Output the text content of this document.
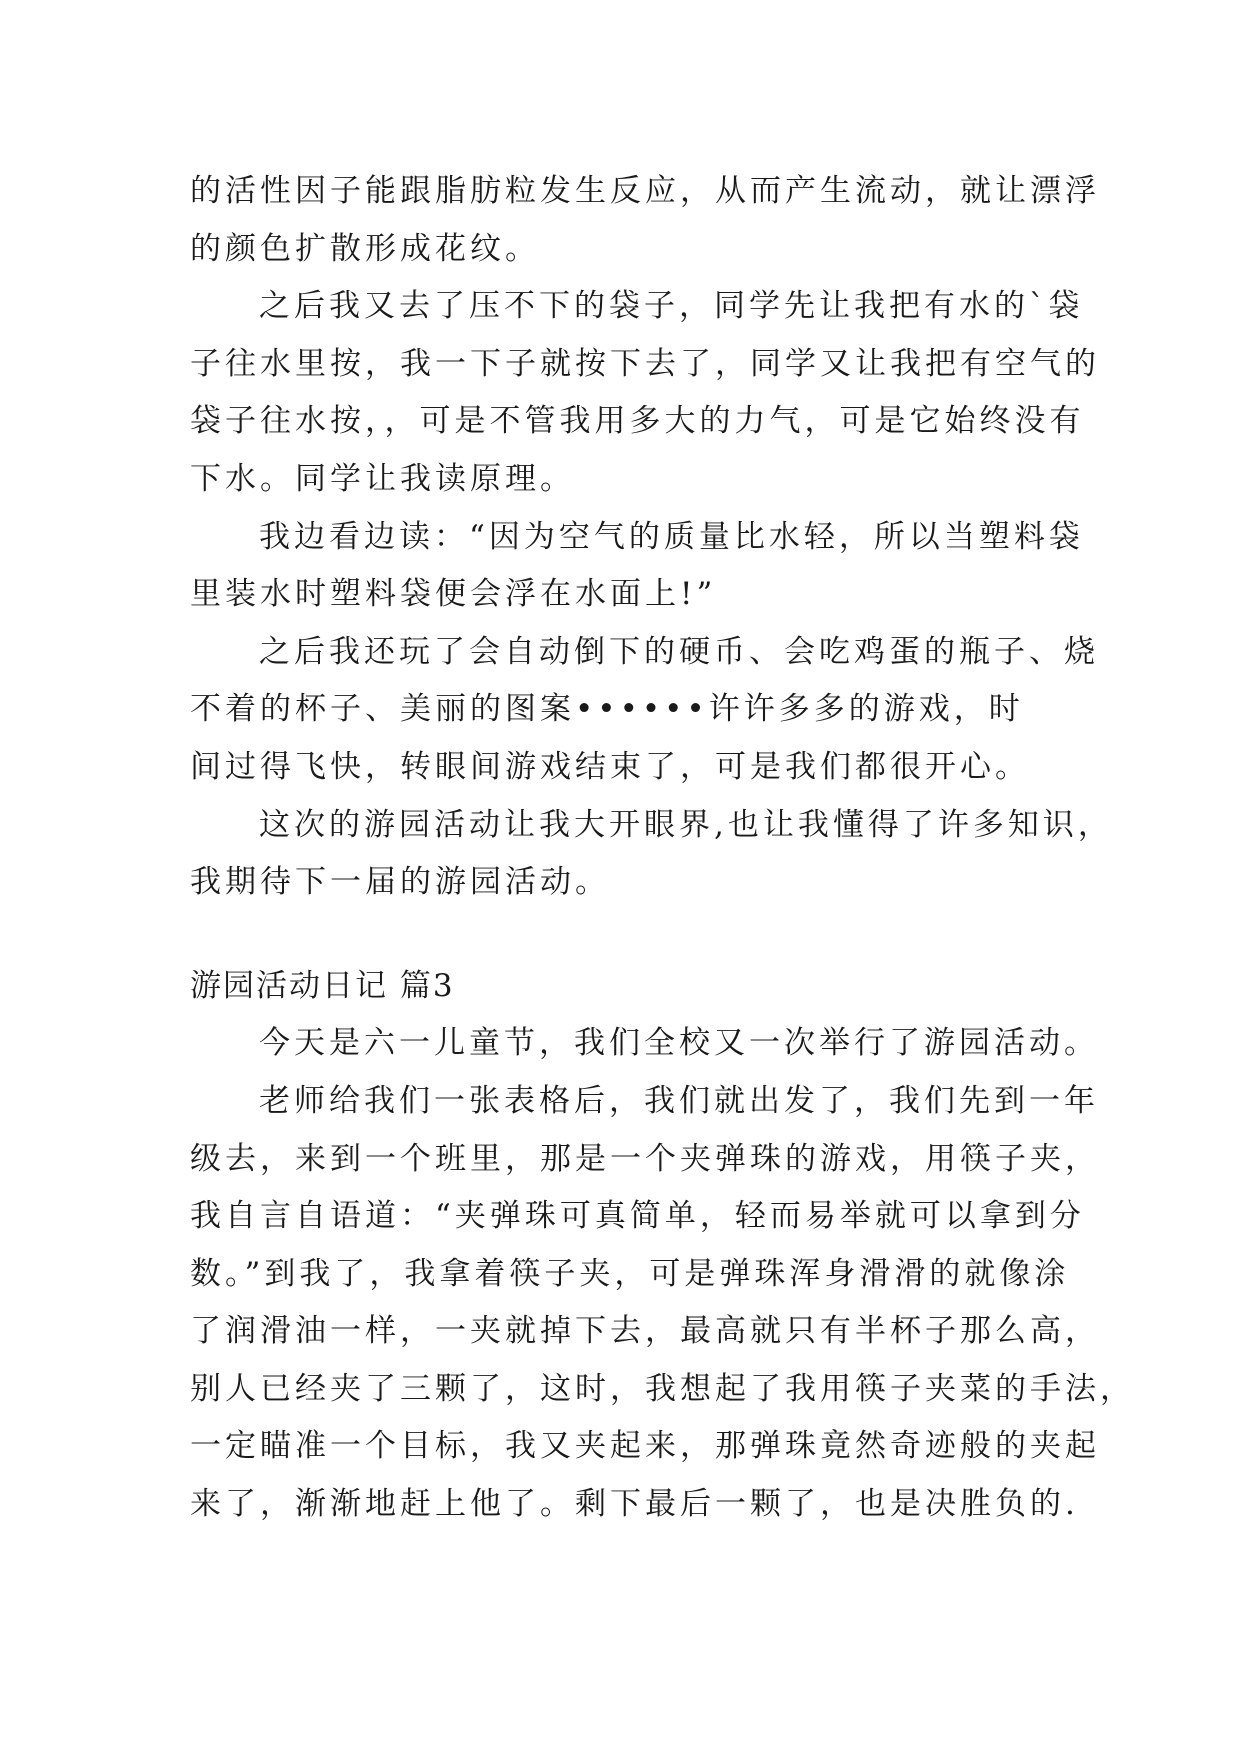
的活性因子能跟脂肪粒发生反应，从而产生流动，就让漂浮
的颜色扩散形成花纹。
之后我又去了压不下的袋子，同学先让我把有水的`袋
子往水里按，我一下子就按下去了，同学又让我把有空气的
袋子往水按，，可是不管我用多大的力气，可是它始终没有
下水。同学让我读原理。
我边看边读：“因为空气的质量比水轻，所以当塑料袋
里装水时塑料袋便会浮在水面上!”
之后我还玩了会自动倒下的硬币、会吃鸡蛋的瓶子、烧
不着的杯子、美丽的图案••••••许许多多的游戏，时
间过得飞快，转眼间游戏结束了，可是我们都很开心。
这次的游园活动让我大开眼界,也让我懂得了许多知识，
我期待下一届的游园活动。
游园活动日记 篇3
今天是六一儿童节，我们全校又一次举行了游园活动。
老师给我们一张表格后，我们就出发了，我们先到一年
级去，来到一个班里，那是一个夹弹珠的游戏，用筷子夹，
我自言自语道：“夹弹珠可真简单，轻而易举就可以拿到分
数。”到我了，我拿着筷子夹，可是弹珠浑身滑滑的就像涂
了润滑油一样，一夹就掉下去，最高就只有半杯子那么高，
别人已经夹了三颗了，这时，我想起了我用筷子夹菜的手法，
一定瞄准一个目标，我又夹起来，那弹珠竟然奇迹般的夹起
来了，渐渐地赶上他了。剩下最后一颗了，也是决胜负的.
